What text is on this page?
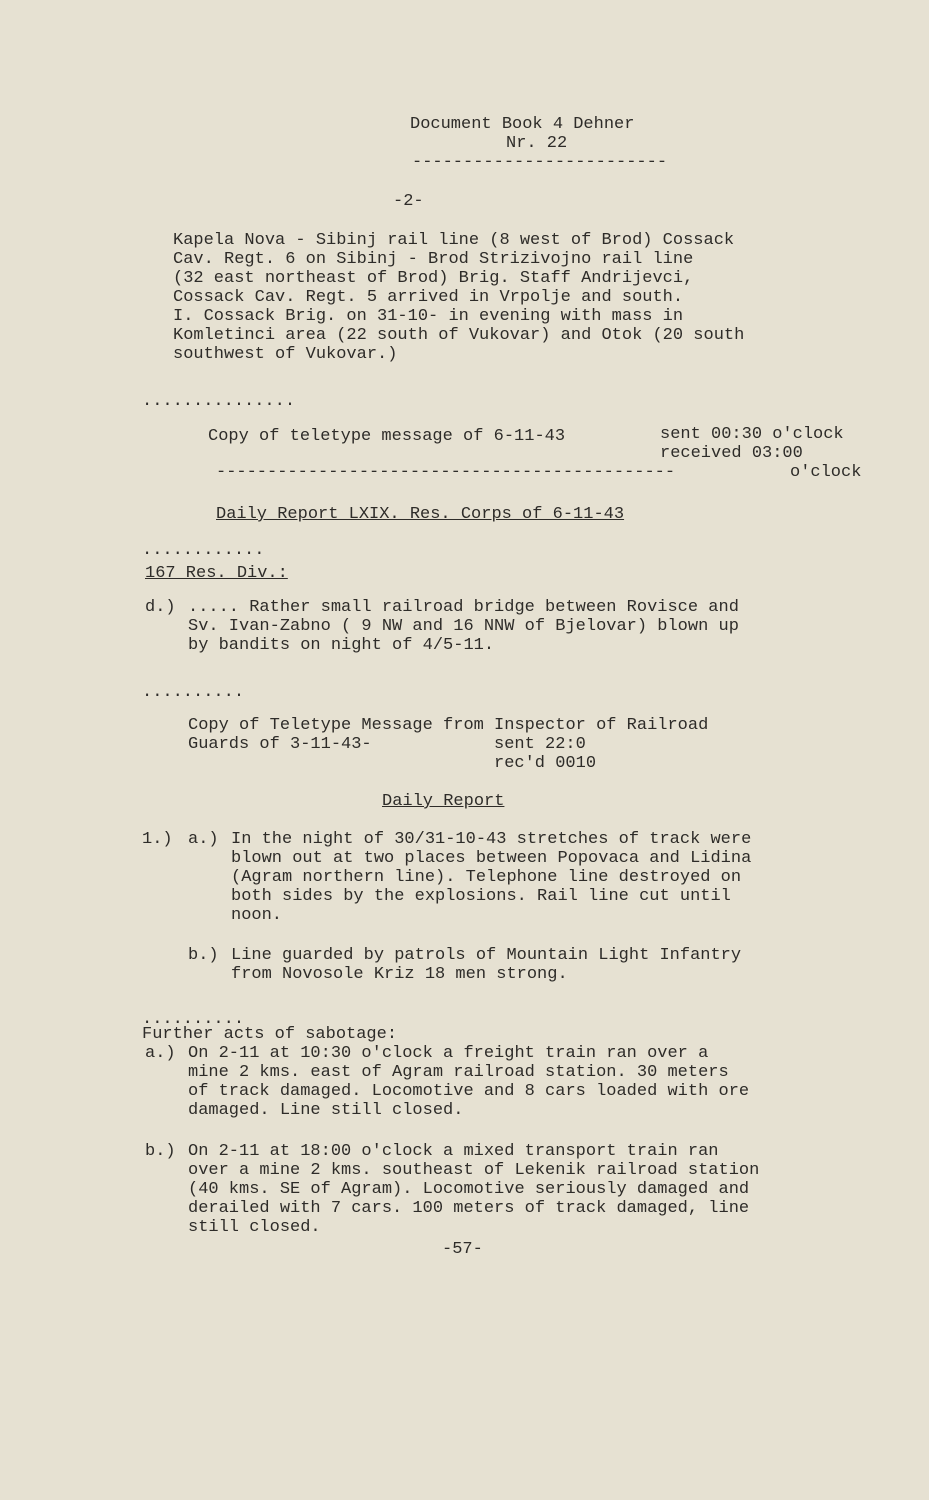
Document Book 4 Dehner
Nr. 22
-------------------------
-2-
Kapela Nova - Sibinj rail line (8 west of Brod) Cossack
Cav. Regt. 6 on Sibinj - Brod Strizivojno rail line
(32 east northeast of Brod) Brig. Staff Andrijevci,
Cossack Cav. Regt. 5 arrived in Vrpolje and south.
I. Cossack Brig. on 31-10- in evening with mass in
Komletinci area (22 south of Vukovar) and Otok (20 south
southwest of Vukovar.)
...............
Copy of teletype message of 6-11-43	sent 00:30 o'clock
received 03:00
---------------------------------------------	o'clock
Daily Report LXIX. Res. Corps of 6-11-43
............
167 Res. Div.:
d.) ..... Rather small railroad bridge between Rovisce and
Sv. Ivan-Zabno ( 9 NW and 16 NNW of Bjelovar) blown up
by bandits on night of 4/5-11.
..........
Copy of Teletype Message from Inspector of Railroad
Guards of 3-11-43-	sent 22:0
rec'd 0010
Daily Report
1.) a.) In the night of 30/31-10-43 stretches of track were
blown out at two places between Popovaca and Lidina
(Agram northern line). Telephone line destroyed on
both sides by the explosions. Rail line cut until
noon.
b.) Line guarded by patrols of Mountain Light Infantry
from Novosole Kriz 18 men strong.
..........
Further acts of sabotage:
a.) On 2-11 at 10:30 o'clock a freight train ran over a
mine 2 kms. east of Agram railroad station. 30 meters
of track damaged. Locomotive and 8 cars loaded with ore
damaged. Line still closed.
b.) On 2-11 at 18:00 o'clock a mixed transport train ran
over a mine 2 kms. southeast of Lekenik railroad station
(40 kms. SE of Agram). Locomotive seriously damaged and
derailed with 7 cars. 100 meters of track damaged, line
still closed.
-57-
